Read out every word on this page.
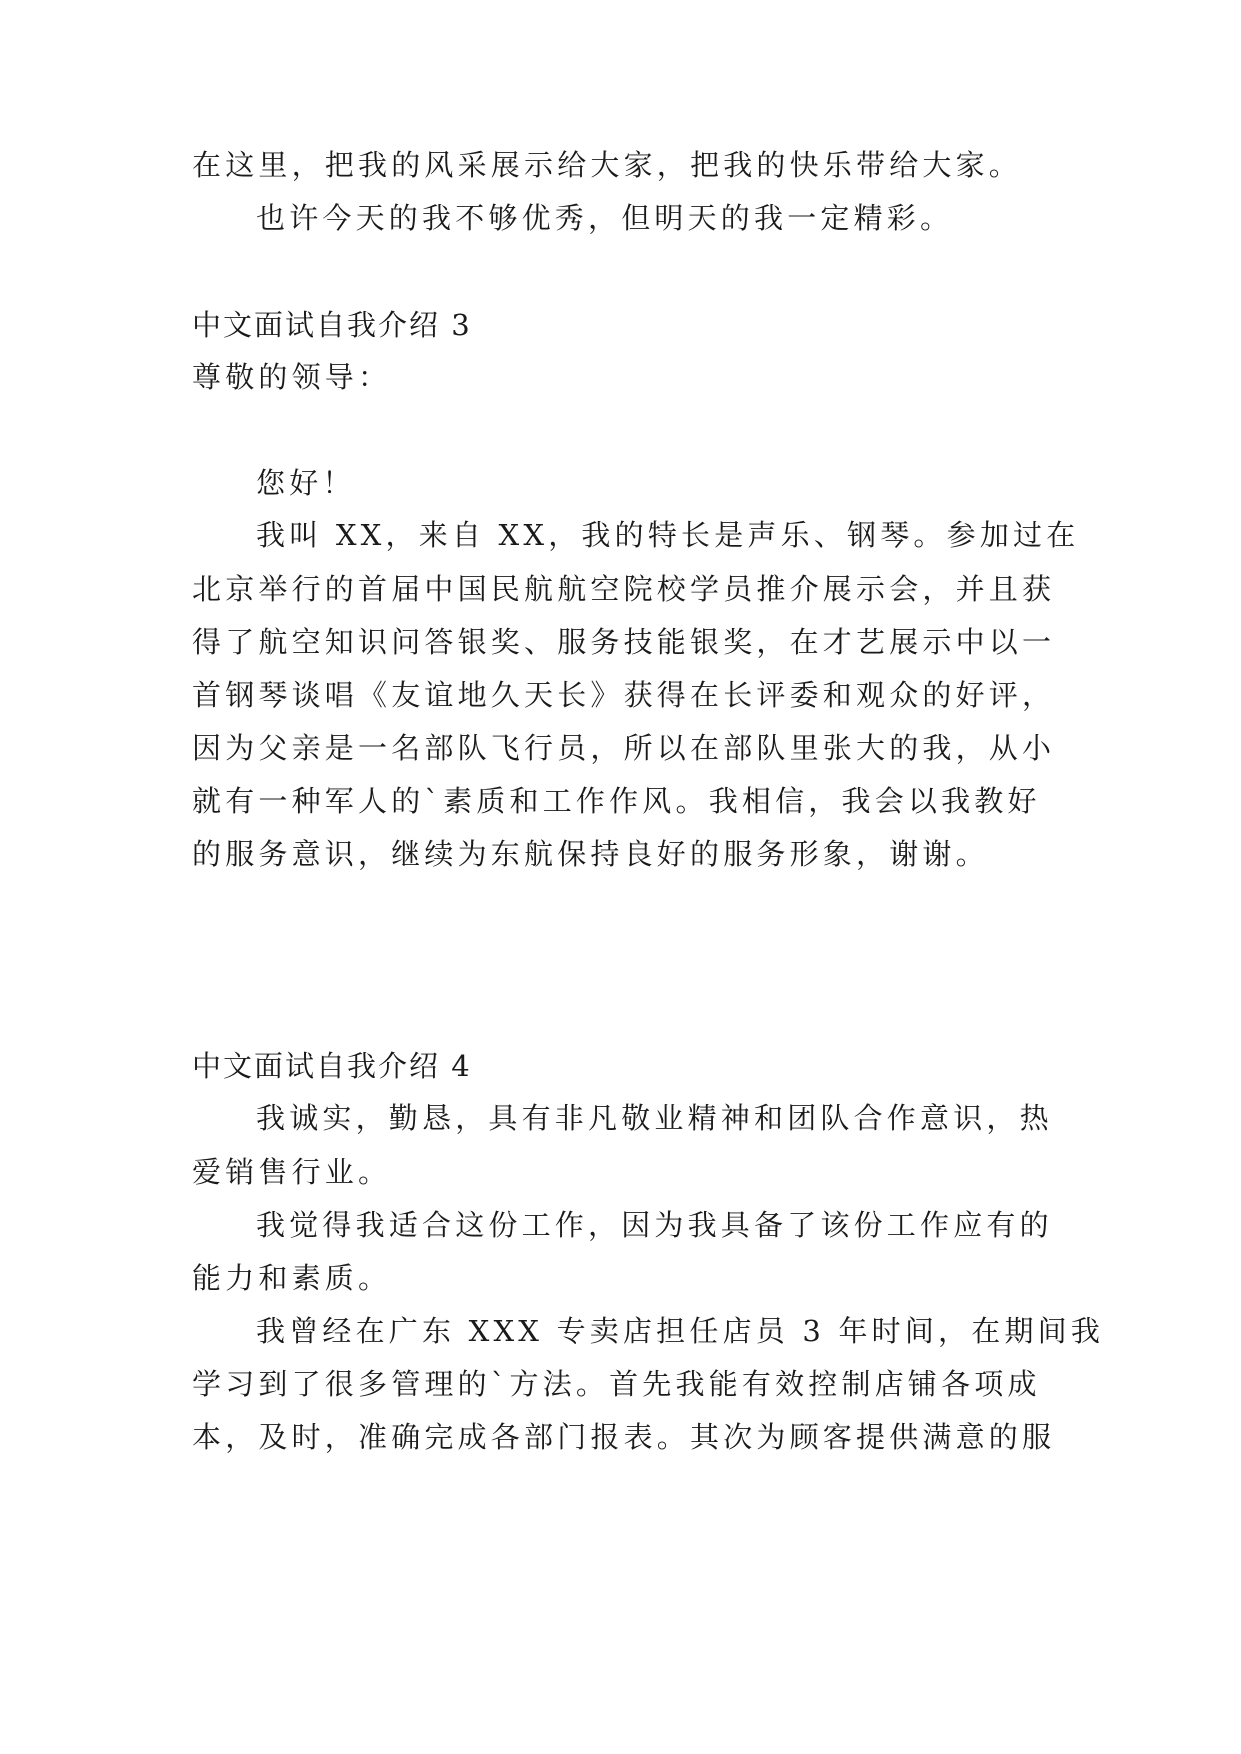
在这里，把我的风采展示给大家，把我的快乐带给大家。
也许今天的我不够优秀，但明天的我一定精彩。
中文面试自我介绍 3
尊敬的领导：
您好！
我叫 XX，来自 XX，我的特长是声乐、钢琴。参加过在
北京举行的首届中国民航航空院校学员推介展示会，并且获
得了航空知识问答银奖、服务技能银奖，在才艺展示中以一
首钢琴谈唱《友谊地久天长》获得在长评委和观众的好评，
因为父亲是一名部队飞行员，所以在部队里张大的我，从小
就有一种军人的`素质和工作作风。我相信，我会以我教好
的服务意识，继续为东航保持良好的服务形象，谢谢。
中文面试自我介绍 4
我诚实，勤恳，具有非凡敬业精神和团队合作意识，热
爱销售行业。
我觉得我适合这份工作，因为我具备了该份工作应有的
能力和素质。
我曾经在广东 XXX 专卖店担任店员 3 年时间，在期间我
学习到了很多管理的`方法。首先我能有效控制店铺各项成
本，及时，准确完成各部门报表。其次为顾客提供满意的服
